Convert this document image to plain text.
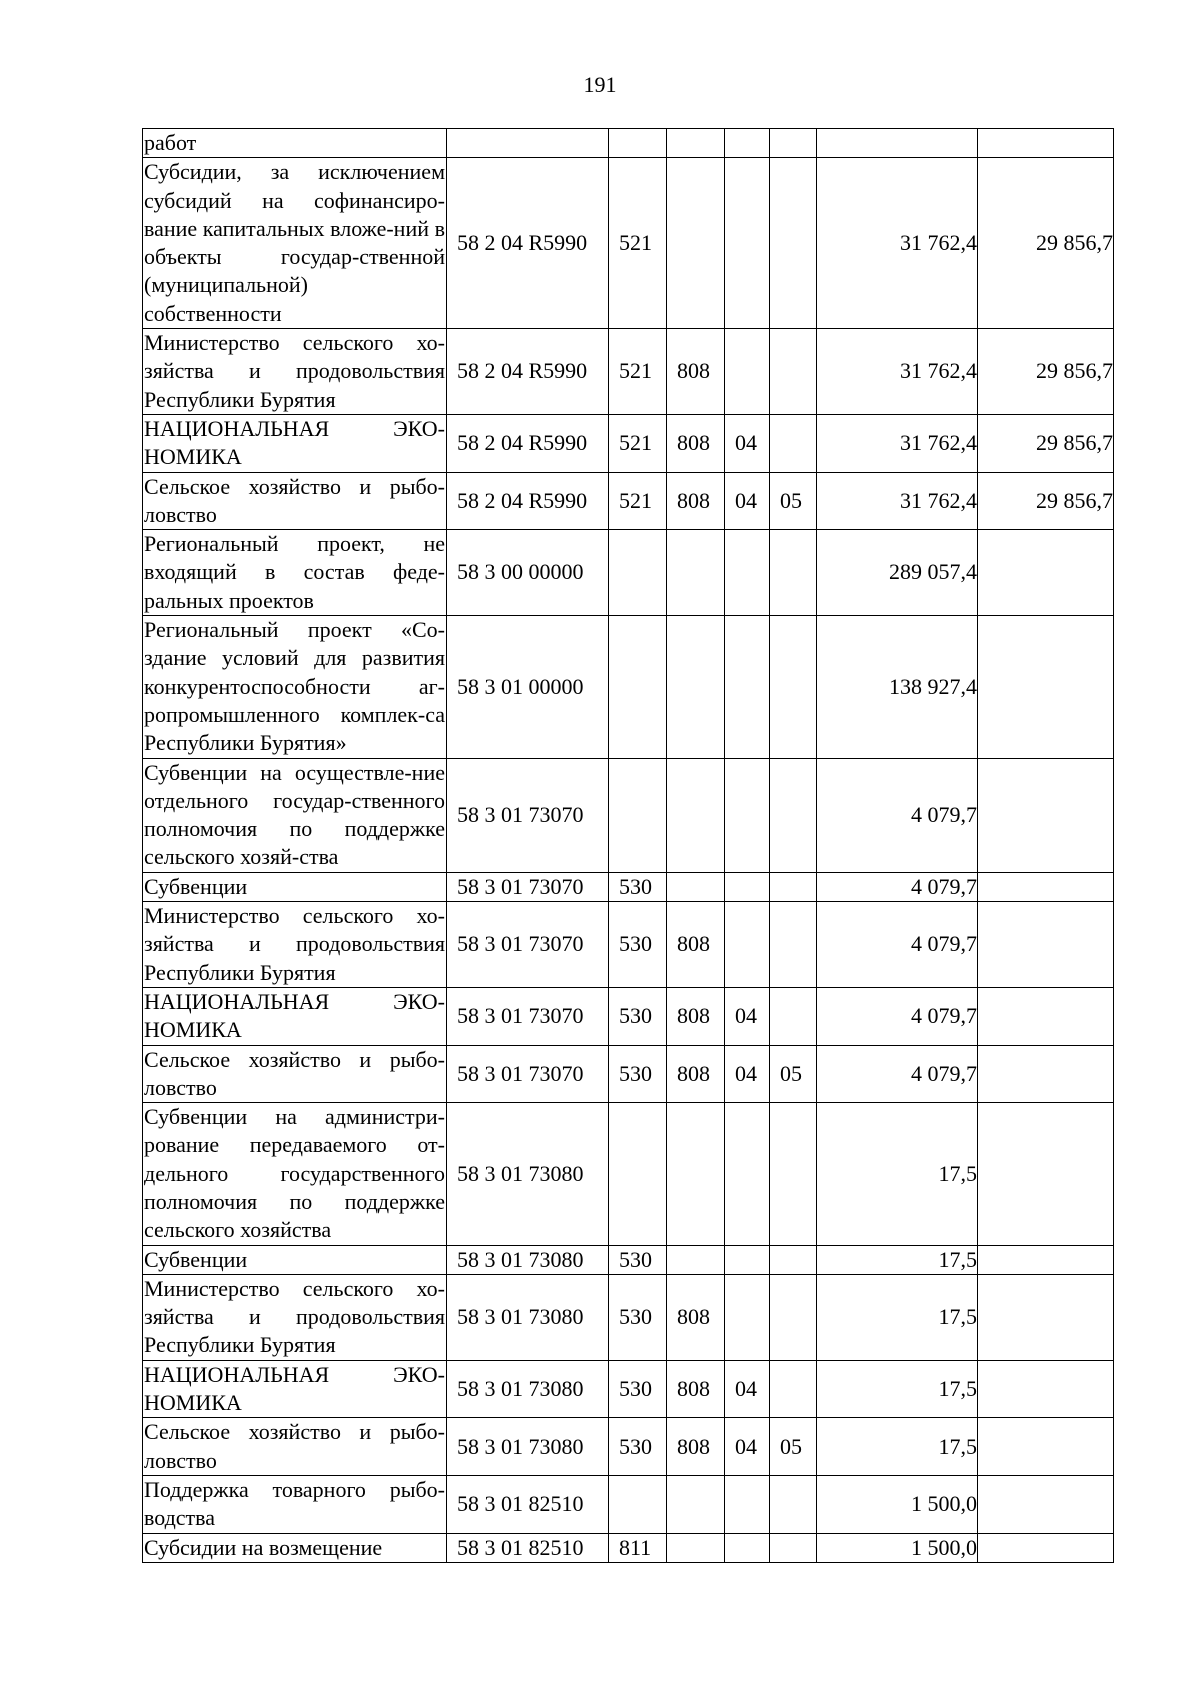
191
работ							
Субсидии, за исключением субсидий на софинансиро-вание капитальных вложе-ний в объекты государ-ственной (муниципальной) собственности	58 2 04 R5990	521				31 762,4	29 856,7
Министерство сельского хо-зяйства и продовольствия Республики Бурятия	58 2 04 R5990	521	808			31 762,4	29 856,7
НАЦИОНАЛЬНАЯ ЭКО-НОМИКА	58 2 04 R5990	521	808	04		31 762,4	29 856,7
Сельское хозяйство и рыбо-ловство	58 2 04 R5990	521	808	04	05	31 762,4	29 856,7
Региональный проект, не входящий в состав феде-ральных проектов	58 3 00 00000					289 057,4	
Региональный проект «Со-здание условий для развития конкурентоспособности аг-ропромышленного комплек-са Республики Бурятия»	58 3 01 00000					138 927,4	
Субвенции на осуществле-ние отдельного государ-ственного полномочия по поддержке сельского хозяй-ства	58 3 01 73070					4 079,7	
Субвенции	58 3 01 73070	530				4 079,7	
Министерство сельского хо-зяйства и продовольствия Республики Бурятия	58 3 01 73070	530	808			4 079,7	
НАЦИОНАЛЬНАЯ ЭКО-НОМИКА	58 3 01 73070	530	808	04		4 079,7	
Сельское хозяйство и рыбо-ловство	58 3 01 73070	530	808	04	05	4 079,7	
Субвенции на администри-рование передаваемого от-дельного государственного полномочия по поддержке сельского хозяйства	58 3 01 73080					17,5	
Субвенции	58 3 01 73080	530				17,5	
Министерство сельского хо-зяйства и продовольствия Республики Бурятия	58 3 01 73080	530	808			17,5	
НАЦИОНАЛЬНАЯ ЭКО-НОМИКА	58 3 01 73080	530	808	04		17,5	
Сельское хозяйство и рыбо-ловство	58 3 01 73080	530	808	04	05	17,5	
Поддержка товарного рыбо-водства	58 3 01 82510					1 500,0	
Субсидии на возмещение	58 3 01 82510	811				1 500,0	
